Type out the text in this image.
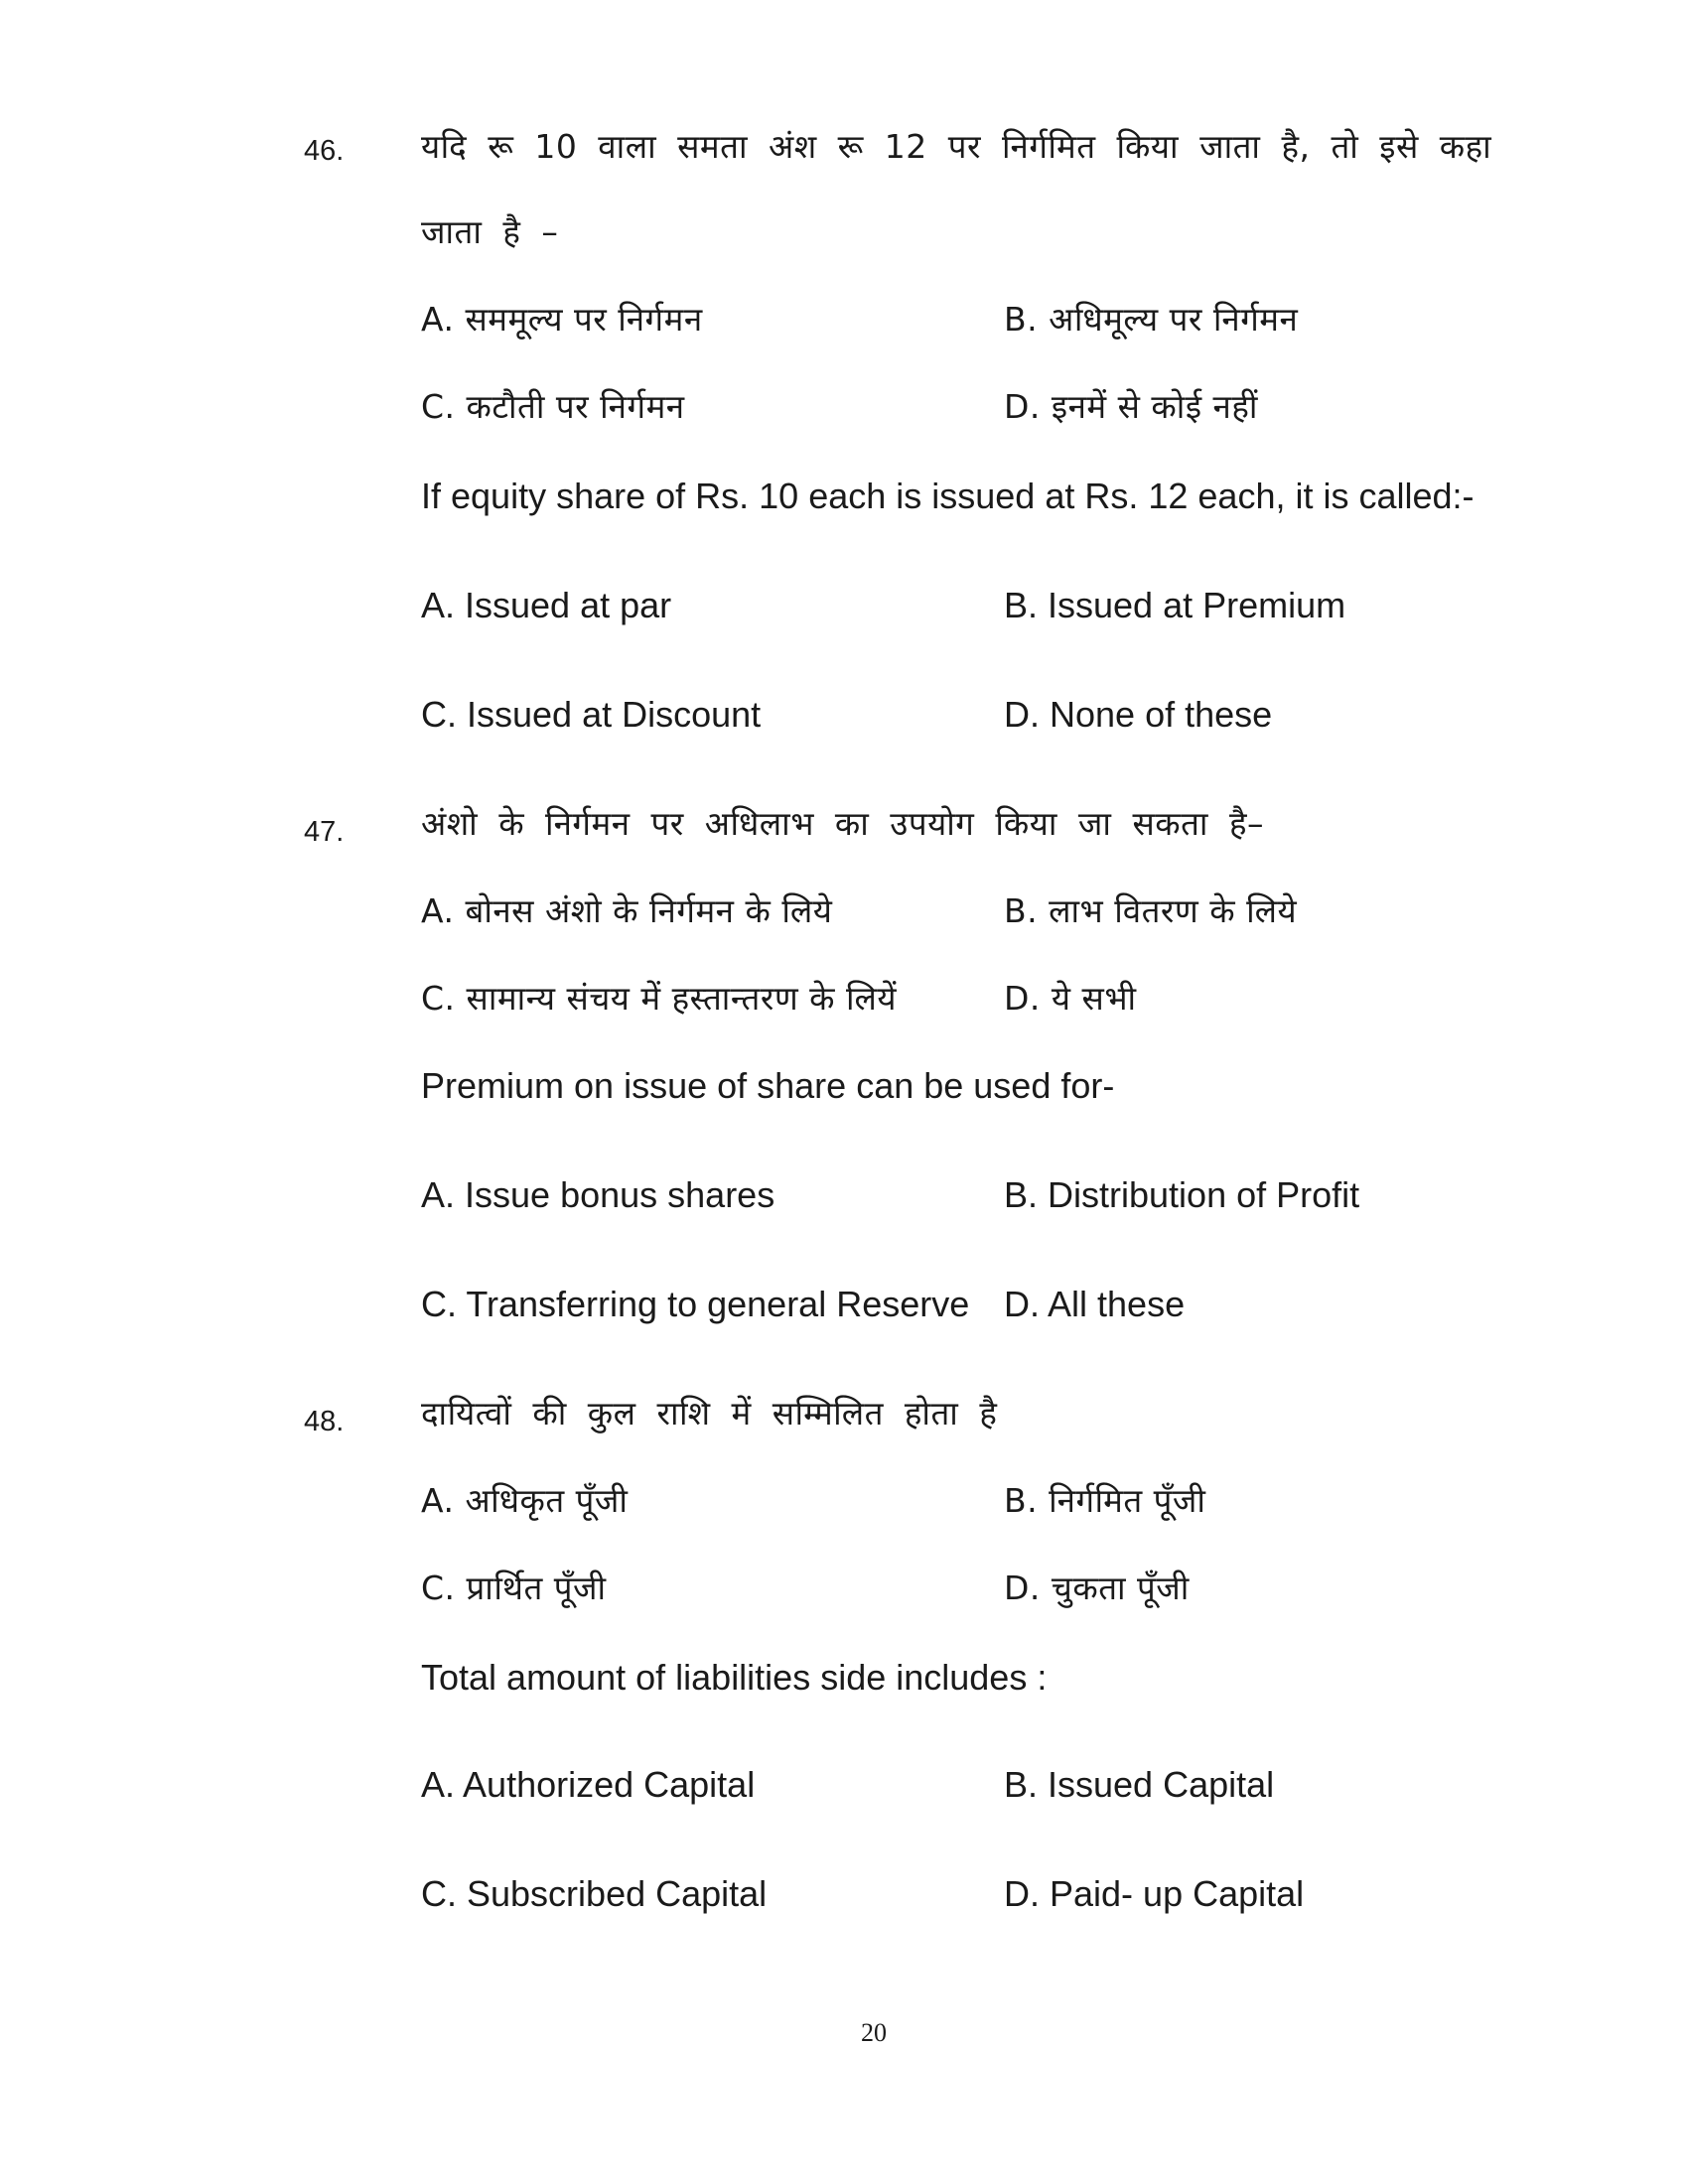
46. यदि रू 10 वाला समता अंश रू 12 पर निर्गमित किया जाता है, तो इसे कहा
जाता है –
A. सममूल्य पर निर्गमन	B. अधिमूल्य पर निर्गमन
C. कटौती पर निर्गमन	D. इनमें से कोई नहीं
If equity share of Rs. 10 each is issued at Rs. 12 each, it is called:-
A. Issued at par	B. Issued at Premium
C. Issued at Discount	D. None of these
47. अंशो के निर्गमन पर अधिलाभ का उपयोग किया जा सकता है–
A. बोनस अंशो के निर्गमन के लिये	B. लाभ वितरण के लिये
C. सामान्य संचय में हस्तान्तरण के लियें	D. ये सभी
Premium on issue of share can be used for-
A. Issue bonus shares	B. Distribution of Profit
C. Transferring to general Reserve D. All these
48. दायित्वों की कुल राशि में सम्मिलित होता है
A. अधिकृत पूँजी	B. निर्गमित पूँजी
C. प्रार्थित पूँजी	D. चुकता पूँजी
Total amount of liabilities side includes :
A. Authorized Capital	B. Issued Capital
C. Subscribed Capital	D. Paid- up Capital
20
